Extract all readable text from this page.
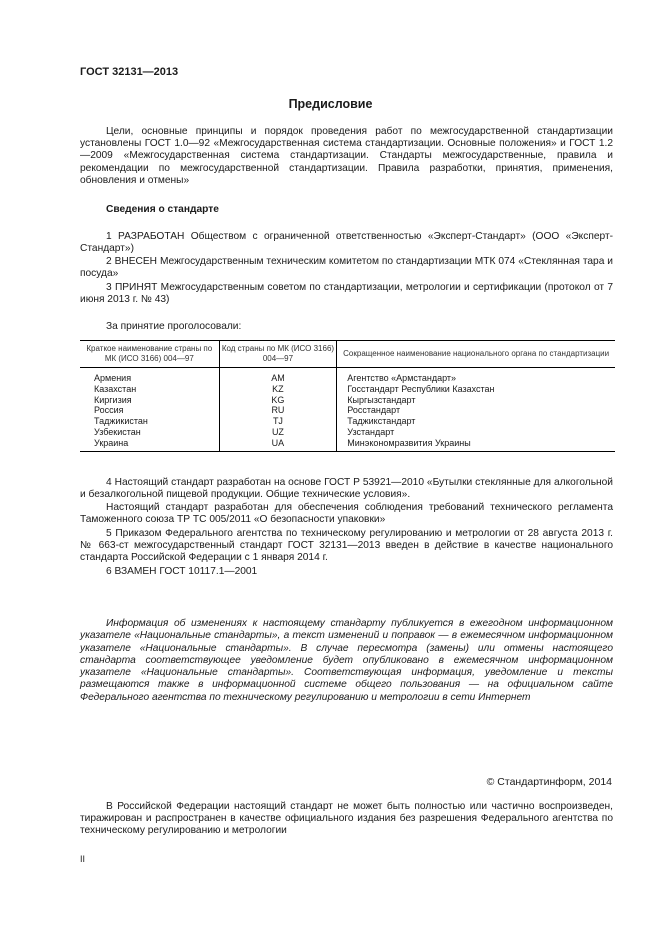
ГОСТ 32131—2013
Предисловие
Цели, основные принципы и порядок проведения работ по межгосударственной стандартизации установлены ГОСТ 1.0—92 «Межгосударственная система стандартизации. Основные положения» и ГОСТ 1.2—2009 «Межгосударственная система стандартизации. Стандарты межгосударственные, правила и рекомендации по межгосударственной стандартизации. Правила разработки, принятия, применения, обновления и отмены»
Сведения о стандарте
1 РАЗРАБОТАН Обществом с ограниченной ответственностью «Эксперт-Стандарт» (ООО «Эксперт-Стандарт»)
2 ВНЕСЕН Межгосударственным техническим комитетом по стандартизации МТК 074 «Стеклянная тара и посуда»
3 ПРИНЯТ Межгосударственным советом по стандартизации, метрологии и сертификации (протокол от 7 июня 2013 г. № 43)
За принятие проголосовали:
Краткое наименование страны по МК (ИСО 3166) 004—97	Код страны по МК (ИСО 3166) 004—97	Сокращенное наименование национального органа по стандартизации
Армения	AM	Агентство «Армстандарт»
Казахстан	KZ	Госстандарт Республики Казахстан
Киргизия	KG	Кыргызстандарт
Россия	RU	Росстандарт
Таджикистан	TJ	Таджикстандарт
Узбекистан	UZ	Узстандарт
Украина	UA	Минэкономразвития Украины
4 Настоящий стандарт разработан на основе ГОСТ Р 53921—2010 «Бутылки стеклянные для алкогольной и безалкогольной пищевой продукции. Общие технические условия».
Настоящий стандарт разработан для обеспечения соблюдения требований технического регламента Таможенного союза ТР ТС 005/2011 «О безопасности упаковки»
5 Приказом Федерального агентства по техническому регулированию и метрологии от 28 августа 2013 г. № 663-ст межгосударственный стандарт ГОСТ 32131—2013 введен в действие в качестве национального стандарта Российской Федерации с 1 января 2014 г.
6 ВЗАМЕН ГОСТ 10117.1—2001
Информация об изменениях к настоящему стандарту публикуется в ежегодном информационном указателе «Национальные стандарты», а текст изменений и поправок — в ежемесячном информационном указателе «Национальные стандарты». В случае пересмотра (замены) или отмены настоящего стандарта соответствующее уведомление будет опубликовано в ежемесячном информационном указателе «Национальные стандарты». Соответствующая информация, уведомление и тексты размещаются также в информационной системе общего пользования — на официальном сайте Федерального агентства по техническому регулированию и метрологии в сети Интернет
© Стандартинформ, 2014
В Российской Федерации настоящий стандарт не может быть полностью или частично воспроизведен, тиражирован и распространен в качестве официального издания без разрешения Федерального агентства по техническому регулированию и метрологии
II
